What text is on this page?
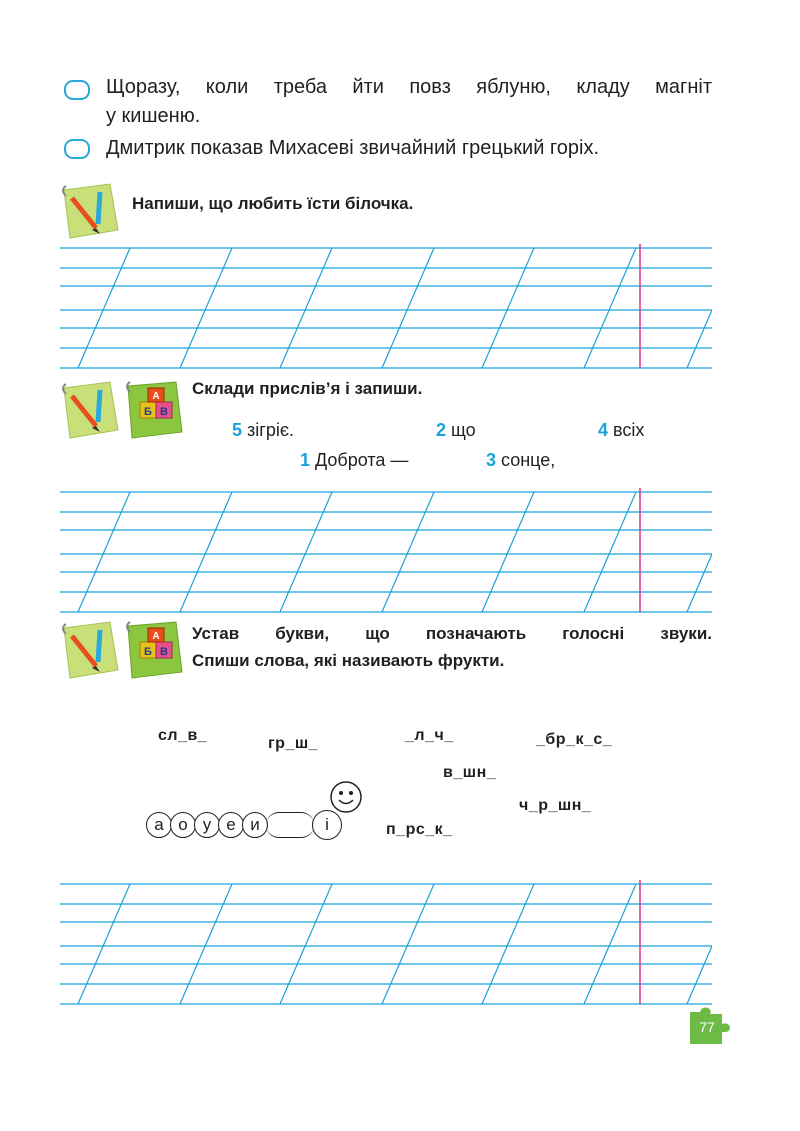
Щоразу, коли треба йти повз яблуню, кладу магніт
у кишеню.
Дмитрик показав Михасеві звичайний грецький горіх.
Напиши, що любить їсти білочка.
Б В
А Склади прислів’я і запиши.
5 зігріє.	2 що	4 всіх
1 Доброта —	3 сонце,
Б В
А Устав букви, що позначають голосні звуки.
Спиши слова, які називають фрукти.
сл_в_	гр_ш_	_л_ч_	_бр_к_с_
в_шн_
ч_р_шн_
п_рс_к_
а о у е и	і
77
